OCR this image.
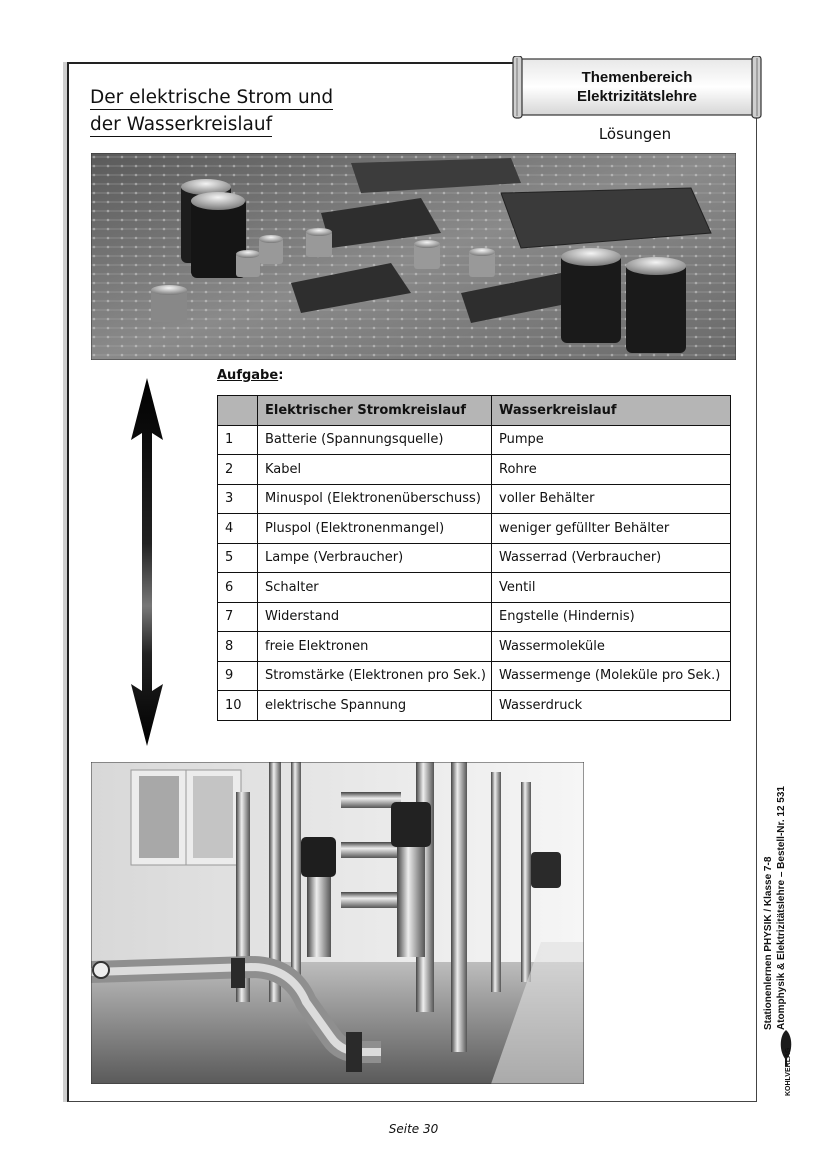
Der elektrische Strom und
der Wasserkreislauf
Themenbereich
Elektrizitätslehre
Lösungen
Aufgabe:
	Elektrischer Stromkreislauf	Wasserkreislauf
1	Batterie (Spannungsquelle)	Pumpe
2	Kabel	Rohre
3	Minuspol (Elektronenüberschuss)	voller Behälter
4	Pluspol (Elektronenmangel)	weniger gefüllter Behälter
5	Lampe (Verbraucher)	Wasserrad (Verbraucher)
6	Schalter	Ventil
7	Widerstand	Engstelle (Hindernis)
8	freie Elektronen	Wassermoleküle
9	Stromstärke (Elektronen pro Sek.)	Wassermenge (Moleküle pro Sek.)
10	elektrische Spannung	Wasserdruck
Stationenlernen PHYSIK / Klasse 7-8 Atomphysik & Elektrizitätslehre – Bestell-Nr. 12 531
KOHLVERLAG
Seite 30
